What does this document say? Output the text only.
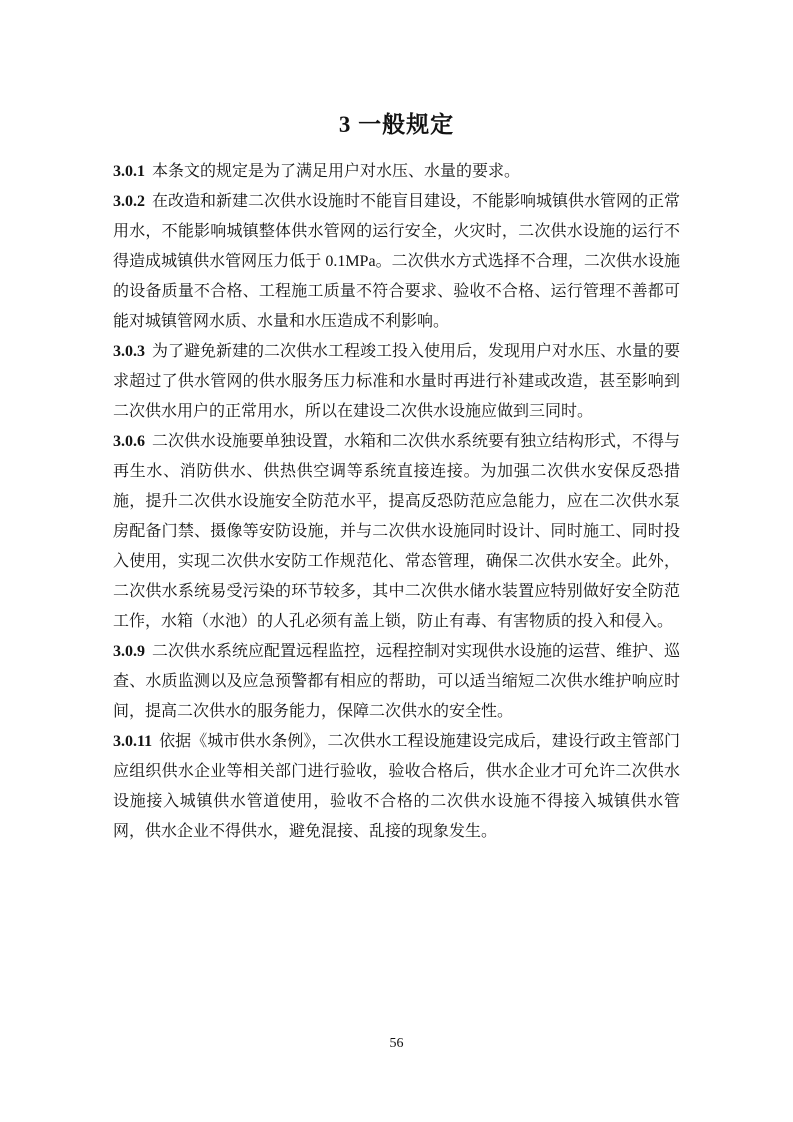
3 一般规定

3.0.1 本条文的规定是为了满足用户对水压、水量的要求。

3.0.2 在改造和新建二次供水设施时不能盲目建设，不能影响城镇供水管网的正常用水，不能影响城镇整体供水管网的运行安全，火灾时，二次供水设施的运行不得造成城镇供水管网压力低于 0.1MPa。二次供水方式选择不合理，二次供水设施的设备质量不合格、工程施工质量不符合要求、验收不合格、运行管理不善都可能对城镇管网水质、水量和水压造成不利影响。

3.0.3 为了避免新建的二次供水工程竣工投入使用后，发现用户对水压、水量的要求超过了供水管网的供水服务压力标准和水量时再进行补建或改造，甚至影响到二次供水用户的正常用水，所以在建设二次供水设施应做到三同时。

3.0.6 二次供水设施要单独设置，水箱和二次供水系统要有独立结构形式，不得与再生水、消防供水、供热供空调等系统直接连接。为加强二次供水安保反恐措施，提升二次供水设施安全防范水平，提高反恐防范应急能力，应在二次供水泵房配备门禁、摄像等安防设施，并与二次供水设施同时设计、同时施工、同时投入使用，实现二次供水安防工作规范化、常态管理，确保二次供水安全。此外，二次供水系统易受污染的环节较多，其中二次供水储水装置应特别做好安全防范工作，水箱（水池）的人孔必须有盖上锁，防止有毒、有害物质的投入和侵入。

3.0.9 二次供水系统应配置远程监控，远程控制对实现供水设施的运营、维护、巡查、水质监测以及应急预警都有相应的帮助，可以适当缩短二次供水维护响应时间，提高二次供水的服务能力，保障二次供水的安全性。

3.0.11 依据《城市供水条例》，二次供水工程设施建设完成后，建设行政主管部门应组织供水企业等相关部门进行验收，验收合格后，供水企业才可允许二次供水设施接入城镇供水管道使用，验收不合格的二次供水设施不得接入城镇供水管网，供水企业不得供水，避免混接、乱接的现象发生。

56
